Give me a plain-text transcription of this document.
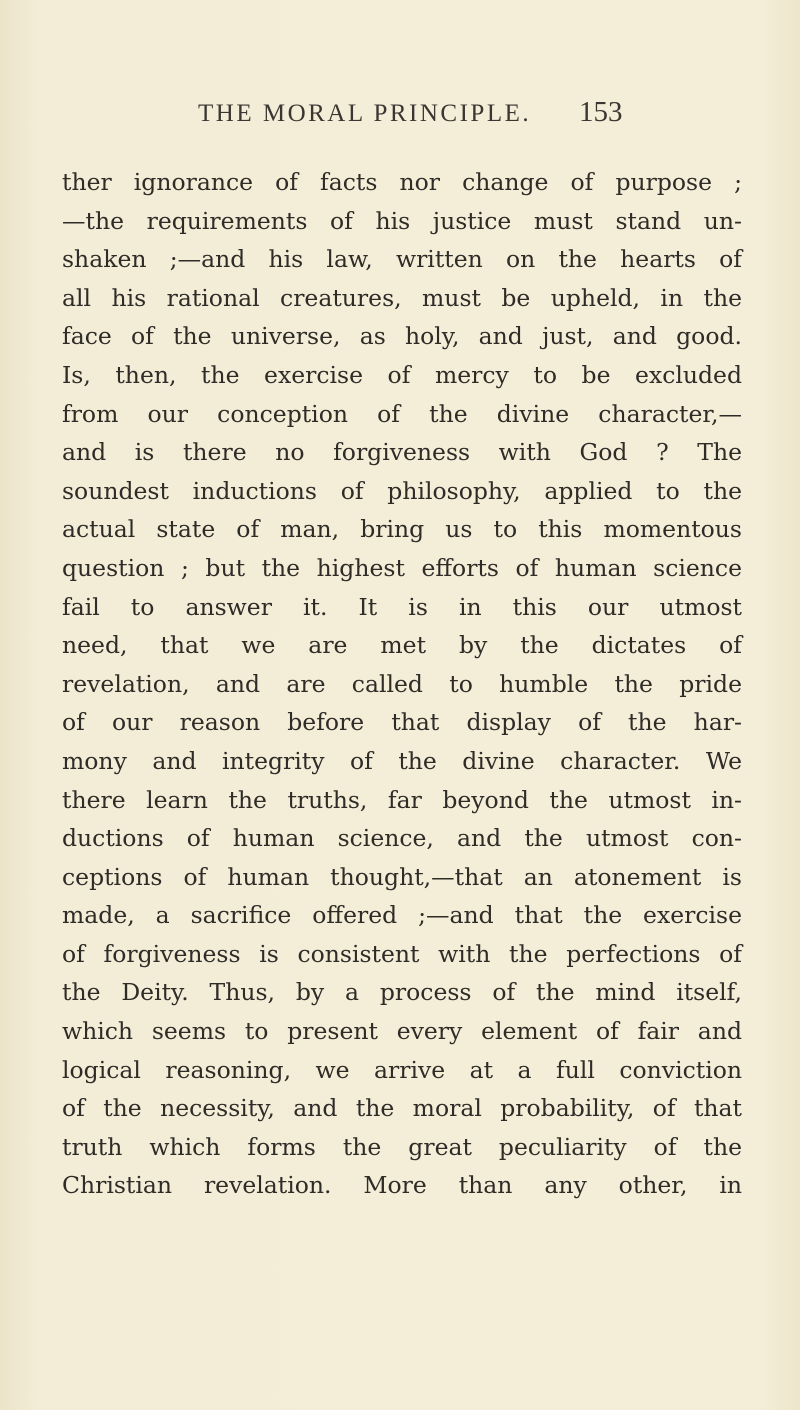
THE MORAL PRINCIPLE. 153
ther ignorance of facts nor change of purpose ;
—the requirements of his justice must stand un-
shaken ;—and his law, written on the hearts of
all his rational creatures, must be upheld, in the
face of the universe, as holy, and just, and good.
Is, then, the exercise of mercy to be excluded
from our conception of the divine character,—
and is there no forgiveness with God ? The
soundest inductions of philosophy, applied to the
actual state of man, bring us to this momentous
question ; but the highest efforts of human science
fail to answer it. It is in this our utmost
need, that we are met by the dictates of
revelation, and are called to humble the pride
of our reason before that display of the har-
mony and integrity of the divine character. We
there learn the truths, far beyond the utmost in-
ductions of human science, and the utmost con-
ceptions of human thought,—that an atonement is
made, a sacrifice offered ;—and that the exercise
of forgiveness is consistent with the perfections of
the Deity. Thus, by a process of the mind itself,
which seems to present every element of fair and
logical reasoning, we arrive at a full conviction
of the necessity, and the moral probability, of that
truth which forms the great peculiarity of the
Christian revelation. More than any other, in
